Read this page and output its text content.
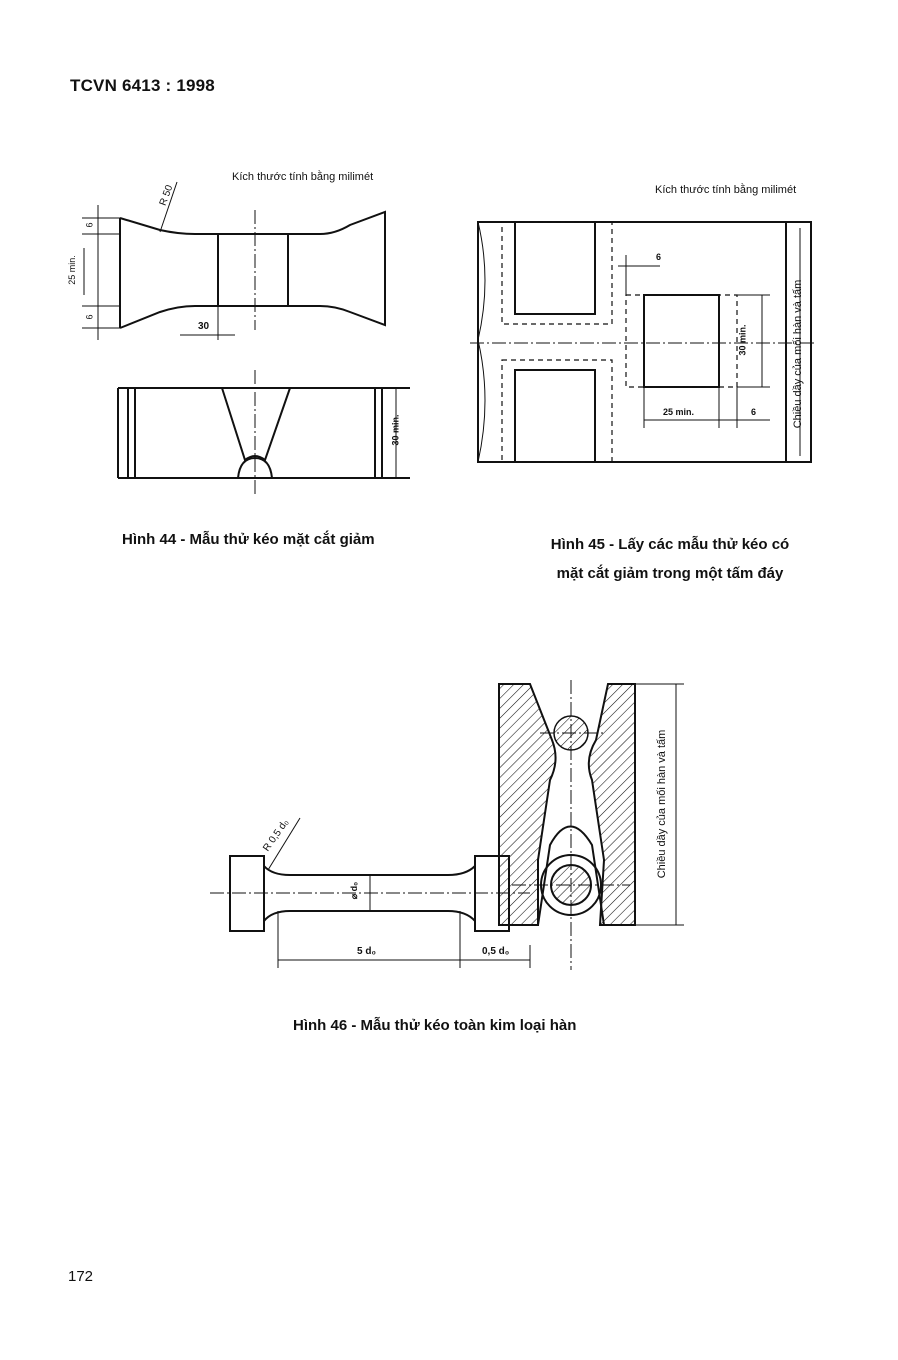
TCVN 6413 : 1998
Kích thước tính bằng milimét
R 50
6
6
25 min.
30
30 min.
Hình 44 - Mẫu thử kéo mặt cắt giảm
Kích thước tính bằng milimét
6
30 min.
25 min.	6	Chiều dầy của mối hàn và tấm
Hình 45 - Lấy các mẫu thử kéo có
mặt cắt giảm trong một tấm đáy
R 0,5 d₀
⌀ d₀
5 d₀	0,5 d₀
Chiều dầy của mối hàn và tấm
Hình 46 - Mẫu thử kéo toàn kim loại hàn
172
